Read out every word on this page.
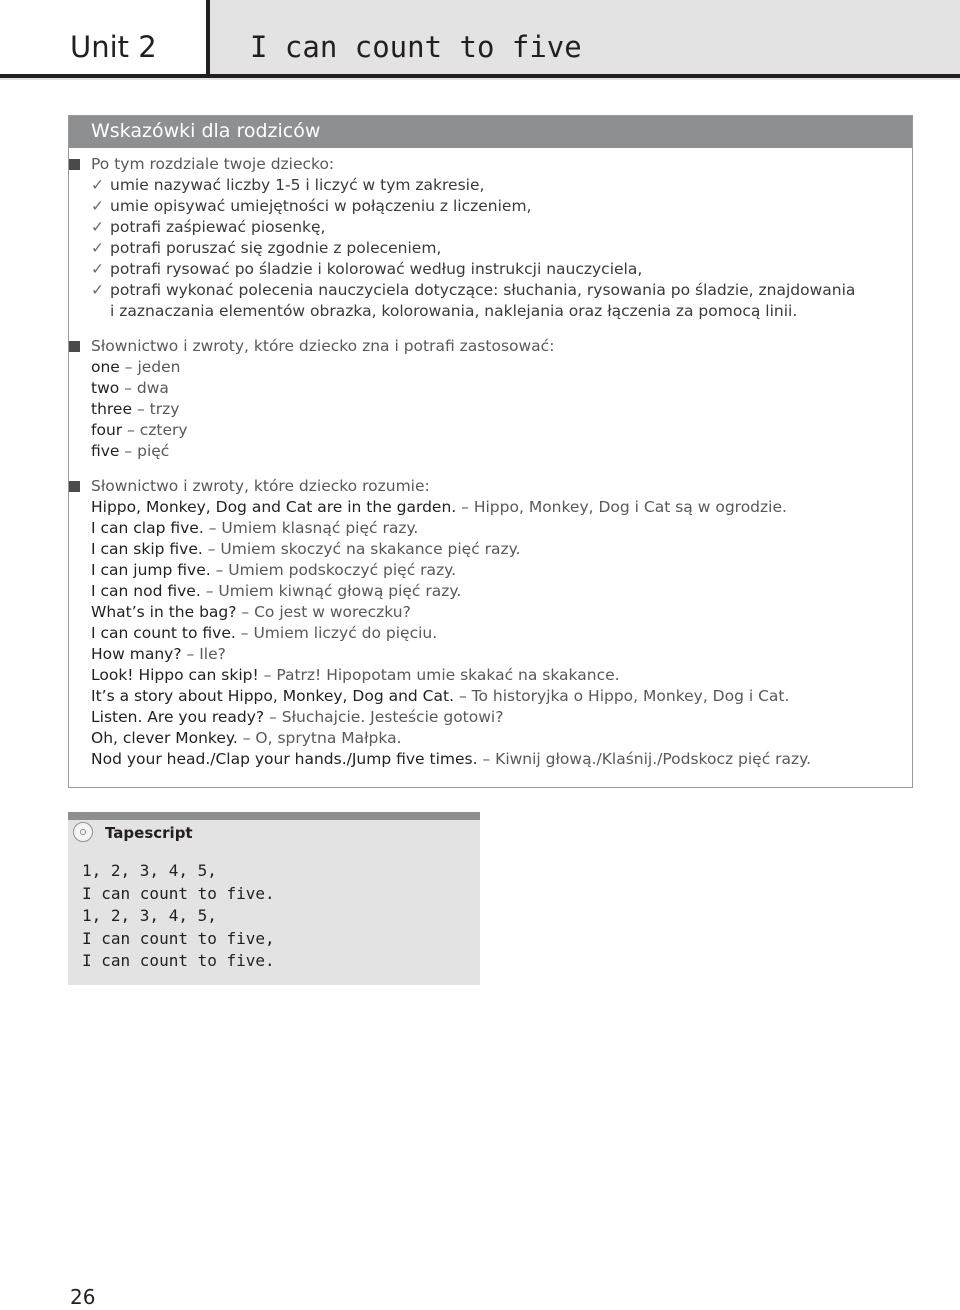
Unit 2	I can count to five
Wskazówki dla rodziców
Po tym rozdziale twoje dziecko:
✓ umie nazywać liczby 1-5 i liczyć w tym zakresie,
✓ umie opisywać umiejętności w połączeniu z liczeniem,
✓ potrafi zaśpiewać piosenkę,
✓ potrafi poruszać się zgodnie z poleceniem,
✓ potrafi rysować po śladzie i kolorować według instrukcji nauczyciela,
✓ potrafi wykonać polecenia nauczyciela dotyczące: słuchania, rysowania po śladzie, znajdowania
i zaznaczania elementów obrazka, kolorowania, naklejania oraz łączenia za pomocą linii.
Słownictwo i zwroty, które dziecko zna i potrafi zastosować:
one – jeden
two – dwa
three – trzy
four – cztery
five – pięć
Słownictwo i zwroty, które dziecko rozumie:
Hippo, Monkey, Dog and Cat are in the garden. – Hippo, Monkey, Dog i Cat są w ogrodzie.
I can clap five. – Umiem klasnąć pięć razy.
I can skip five. – Umiem skoczyć na skakance pięć razy.
I can jump five. – Umiem podskoczyć pięć razy.
I can nod five. – Umiem kiwnąć głową pięć razy.
What’s in the bag? – Co jest w woreczku?
I can count to five. – Umiem liczyć do pięciu.
How many? – Ile?
Look! Hippo can skip! – Patrz! Hipopotam umie skakać na skakance.
It’s a story about Hippo, Monkey, Dog and Cat. – To historyjka o Hippo, Monkey, Dog i Cat.
Listen. Are you ready? – Słuchajcie. Jesteście gotowi?
Oh, clever Monkey. – O, sprytna Małpka.
Nod your head./Clap your hands./Jump five times. – Kiwnij głową./Klaśnij./Podskocz pięć razy.
Tapescript
1, 2, 3, 4, 5,
I can count to five.
1, 2, 3, 4, 5,
I can count to five,
I can count to five.
26
